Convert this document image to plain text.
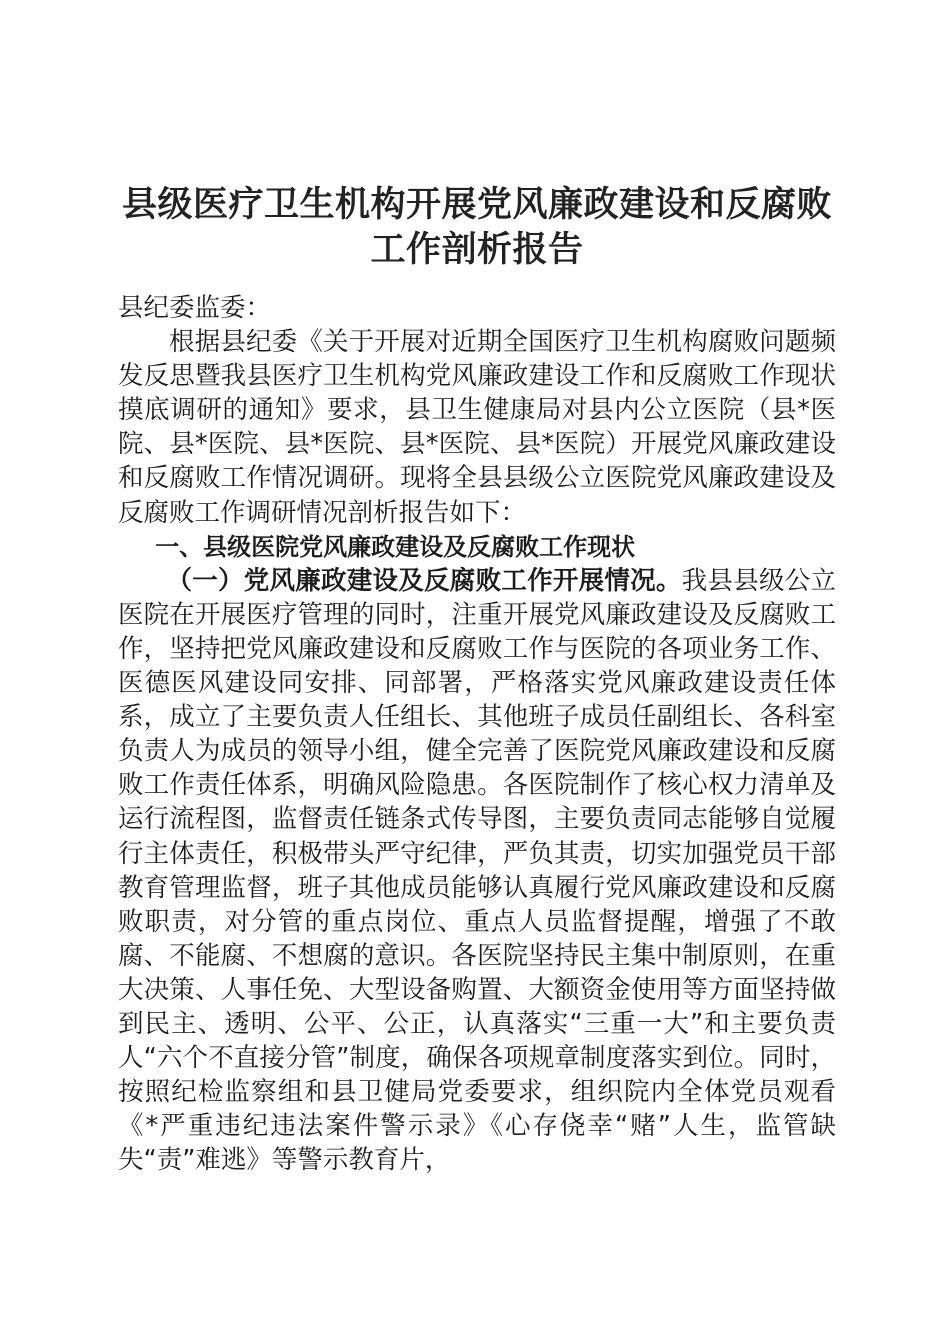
县级医疗卫生机构开展党风廉政建设和反腐败
工作剖析报告
县纪委监委：
根据县纪委《关于开展对近期全国医疗卫生机构腐败问题频发反思暨我县医疗卫生机构党风廉政建设工作和反腐败工作现状摸底调研的通知》要求，县卫生健康局对县内公立医院（县*医院、县*医院、县*医院、县*医院、县*医院）开展党风廉政建设和反腐败工作情况调研。现将全县县级公立医院党风廉政建设及反腐败工作调研情况剖析报告如下：
一、县级医院党风廉政建设及反腐败工作现状
（一）党风廉政建设及反腐败工作开展情况。我县县级公立医院在开展医疗管理的同时，注重开展党风廉政建设及反腐败工作，坚持把党风廉政建设和反腐败工作与医院的各项业务工作、医德医风建设同安排、同部署，严格落实党风廉政建设责任体系，成立了主要负责人任组长、其他班子成员任副组长、各科室负责人为成员的领导小组，健全完善了医院党风廉政建设和反腐败工作责任体系，明确风险隐患。各医院制作了核心权力清单及运行流程图，监督责任链条式传导图，主要负责同志能够自觉履行主体责任，积极带头严守纪律，严负其责，切实加强党员干部教育管理监督，班子其他成员能够认真履行党风廉政建设和反腐败职责，对分管的重点岗位、重点人员监督提醒，增强了不敢腐、不能腐、不想腐的意识。各医院坚持民主集中制原则，在重大决策、人事任免、大型设备购置、大额资金使用等方面坚持做到民主、透明、公平、公正，认真落实“三重一大”和主要负责人“六个不直接分管”制度，确保各项规章制度落实到位。同时，按照纪检监察组和县卫健局党委要求，组织院内全体党员观看《*严重违纪违法案件警示录》《心存侥幸“赌”人生，监管缺失“责”难逃》等警示教育片，
